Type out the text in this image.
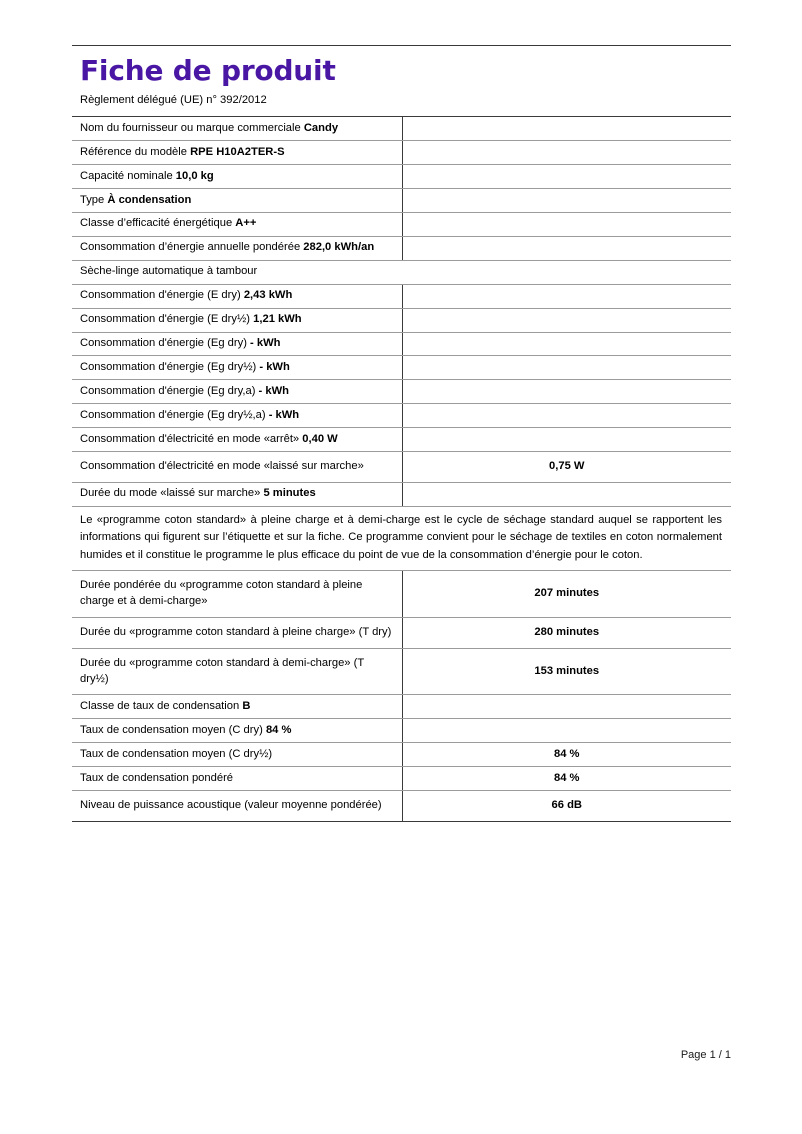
Fiche de produit
Règlement délégué (UE) n° 392/2012
Nom du fournisseur ou marque commerciale Candy	
Référence du modèle RPE H10A2TER-S	
Capacité nominale 10,0 kg	
Type À condensation	
Classe d’efficacité énergétique A++	
Consommation d’énergie annuelle pondérée 282,0 kWh/an	
Sèche-linge automatique à tambour	
Consommation d'énergie (E dry) 2,43 kWh	
Consommation d'énergie (E dry½) 1,21 kWh	
Consommation d'énergie (Eg dry) - kWh	
Consommation d'énergie (Eg dry½) - kWh	
Consommation d'énergie (Eg dry,a) - kWh	
Consommation d'énergie (Eg dry½,a) - kWh	
Consommation d'électricité en mode «arrêt» 0,40 W	
Consommation d'électricité en mode «laissé sur marche»	0,75 W
Durée du mode «laissé sur marche» 5 minutes	
Le «programme coton standard» à pleine charge et à demi-charge est le cycle de séchage standard auquel se rapportent les informations qui figurent sur l’étiquette et sur la fiche. Ce programme convient pour le séchage de textiles en coton normalement humides et il constitue le programme le plus efficace du point de vue de la consommation d’énergie pour le coton.	
Durée pondérée du «programme coton standard à pleine charge et à demi-charge»	207 minutes
Durée du «programme coton standard à pleine charge» (T dry)	280 minutes
Durée du «programme coton standard à demi-charge» (T dry½)	153 minutes
Classe de taux de condensation B	
Taux de condensation moyen (C dry) 84 %	
Taux de condensation moyen (C dry½)	84 %
Taux de condensation pondéré	84 %
Niveau de puissance acoustique (valeur moyenne pondérée)	66 dB
Page 1 / 1
